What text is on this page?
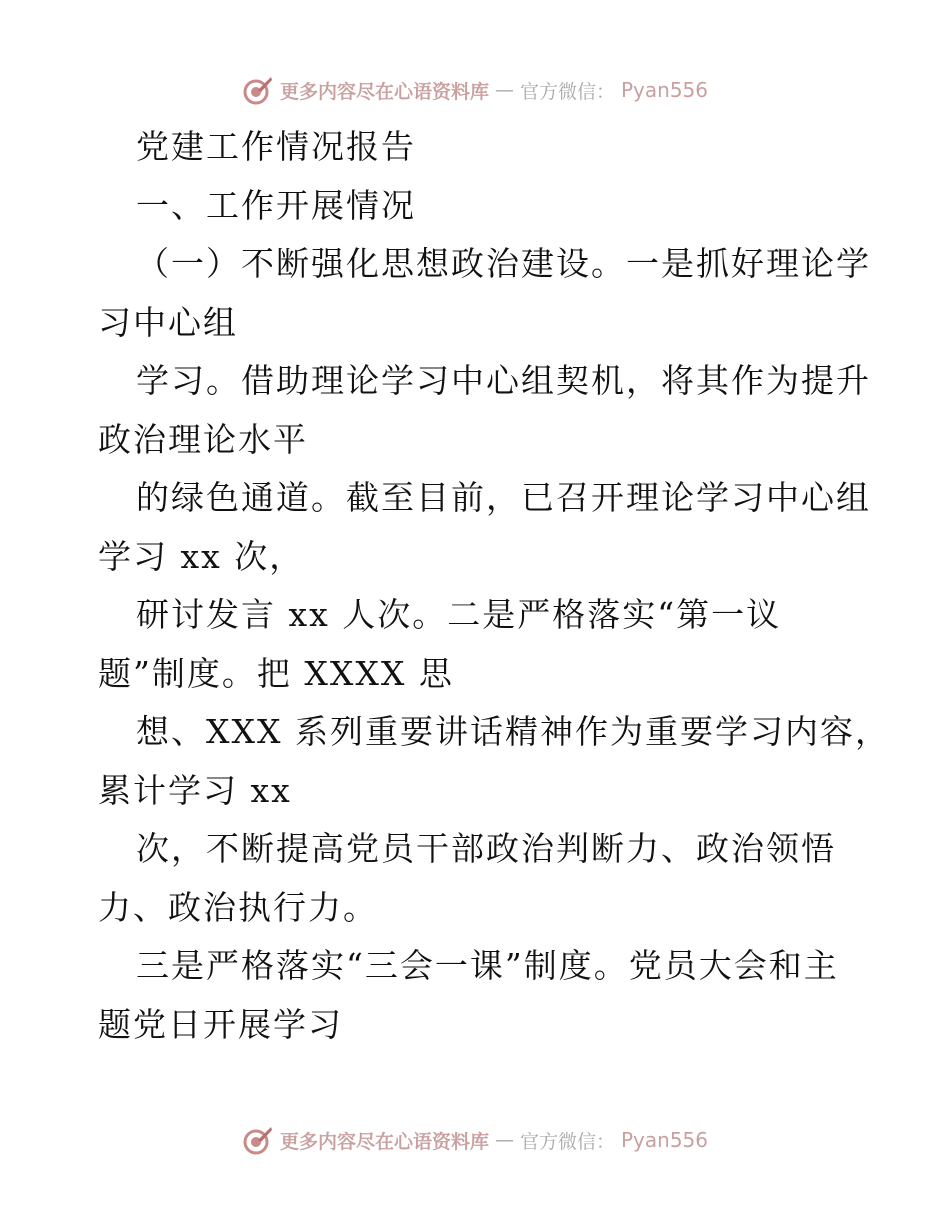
更多内容尽在心语资料库 — 官方微信： Pyan556
党建工作情况报告
一、工作开展情况
（一）不断强化思想政治建设。一是抓好理论学
习中心组
学习。借助理论学习中心组契机，将其作为提升
政治理论水平
的绿色通道。截至目前，已召开理论学习中心组
学习 xx 次，
研讨发言 xx 人次。二是严格落实“第一议
题”制度。把 XXXX 思
想、XXX 系列重要讲话精神作为重要学习内容，
累计学习 xx
次，不断提高党员干部政治判断力、政治领悟
力、政治执行力。
三是严格落实“三会一课”制度。党员大会和主
题党日开展学习
更多内容尽在心语资料库 — 官方微信： Pyan556
